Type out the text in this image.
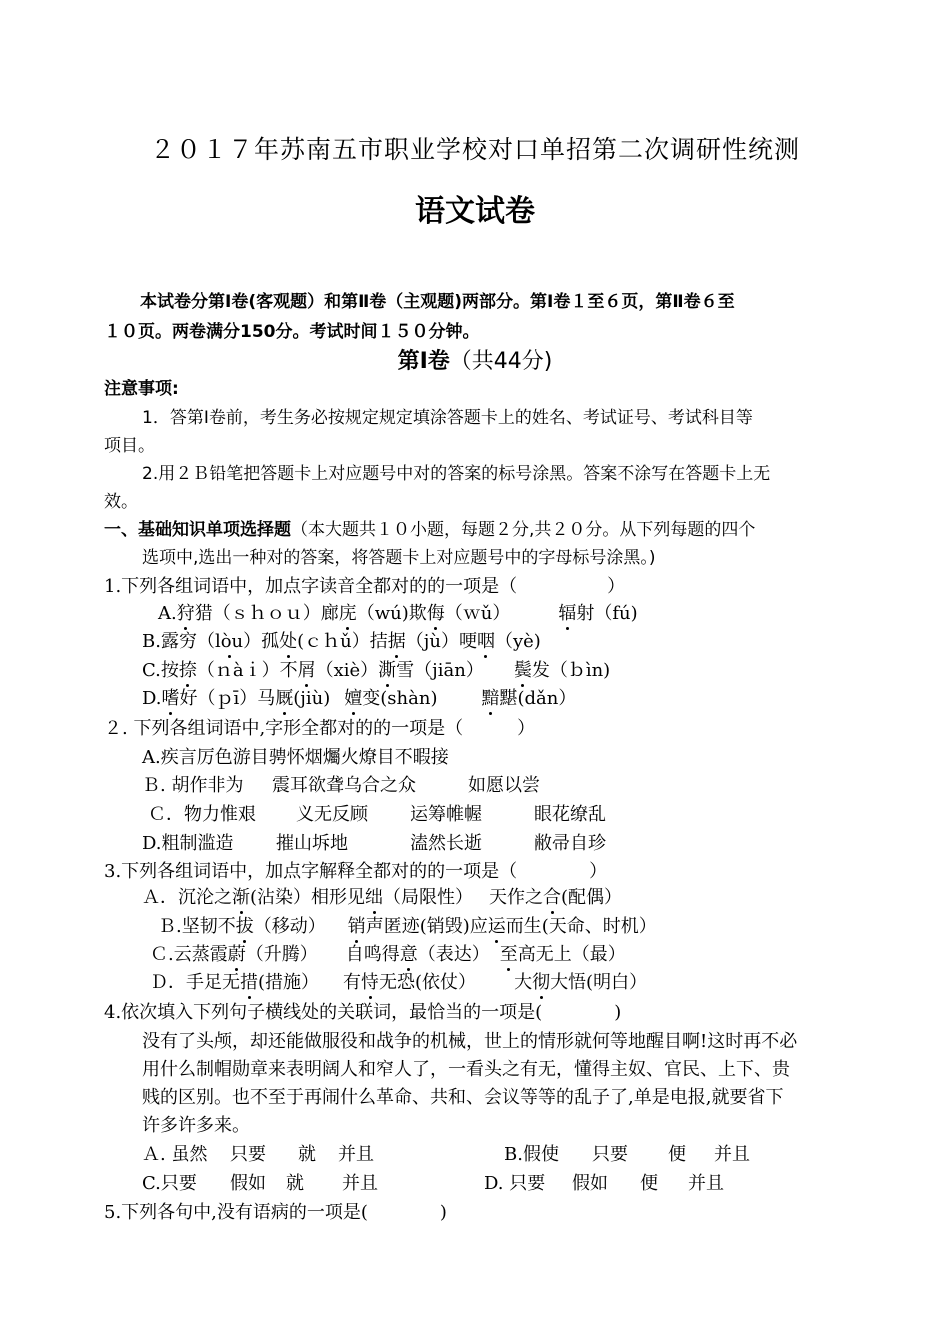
２０１７年苏南五市职业学校对口单招第二次调研性统测
语文试卷
本试卷分第Ⅰ卷(客观题）和第Ⅱ卷（主观题)两部分。第Ⅰ卷１至６页，第Ⅱ卷６至
１０页。两卷满分150分。考试时间１５０分钟。
第Ⅰ卷（共44分)
注意事项:
1．答第Ⅰ卷前，考生务必按规定规定填涂答题卡上的姓名、考试证号、考试科目等
项目。
2.用２Ｂ铅笔把答题卡上对应题号中对的答案的标号涂黑。答案不涂写在答题卡上无
效。
一、基础知识单项选择题（本大题共１０小题，每题２分,共２０分。从下列每题的四个
选项中,选出一种对的答案，将答题卡上对应题号中的字母标号涂黑。)
1.下列各组词语中，加点字读音全都对的的一项是（　　　　　）
A.狩猎（ｓｈｏｕ）廊庑（wú)欺侮（ｗǔ）	辐射（fú)
B.露穷（lòu）孤处(ｃｈǔ）拮据（jù）哽咽（yè)
C.按捺（ｎàｉ）不屑（xiè）澌雪（jiān） 鬓发（ｂìn)
D.嗜好（ｐī）马厩(jiù) 嬗变(shàn) 黯黮(dǎn）
２. 下列各组词语中,字形全都对的的一项是（　　　）
A.疾言厉色游目骋怀烟爥火燎目不暇接
Ｂ. 胡作非为 震耳欲聋乌合之众	如愿以尝
Ｃ．物力惟艰 义无反顾 运筹帷幄	眼花缭乱
D.粗制滥造 摧山坼地	溘然长逝	敝帚自珍
3.下列各组词语中，加点字解释全都对的的一项是（　　　　）
Ａ．沉沦之渐(沾染）相形见绌（局限性） 天作之合(配偶）
Ｂ.坚韧不拔（移动） 销声匿迹(销毁)应运而生(天命、时机）
Ｃ.云蒸霞蔚（升腾） 自鸣得意（表达） 至高无上（最）
Ｄ．手足无措(措施） 有恃无恐(依仗） 大彻大悟(明白）
4.依次填入下列句子横线处的关联词，最恰当的一项是(　　　　)
没有了头颅，却还能做服役和战争的机械，世上的情形就何等地醒目啊!这时再不必
用什么制帽勋章来表明阔人和窄人了，一看头之有无，懂得主奴、官民、上下、贵
贱的区别。也不至于再闹什么革命、共和、会议等等的乱子了,单是电报,就要省下
许多许多来。
Ａ. 虽然 只要 就 并且	B.假使 只要 便 并且
C.只要 假如 就 并且	D. 只要 假如 便 并且
5.下列各句中,没有语病的一项是(　　　　)
